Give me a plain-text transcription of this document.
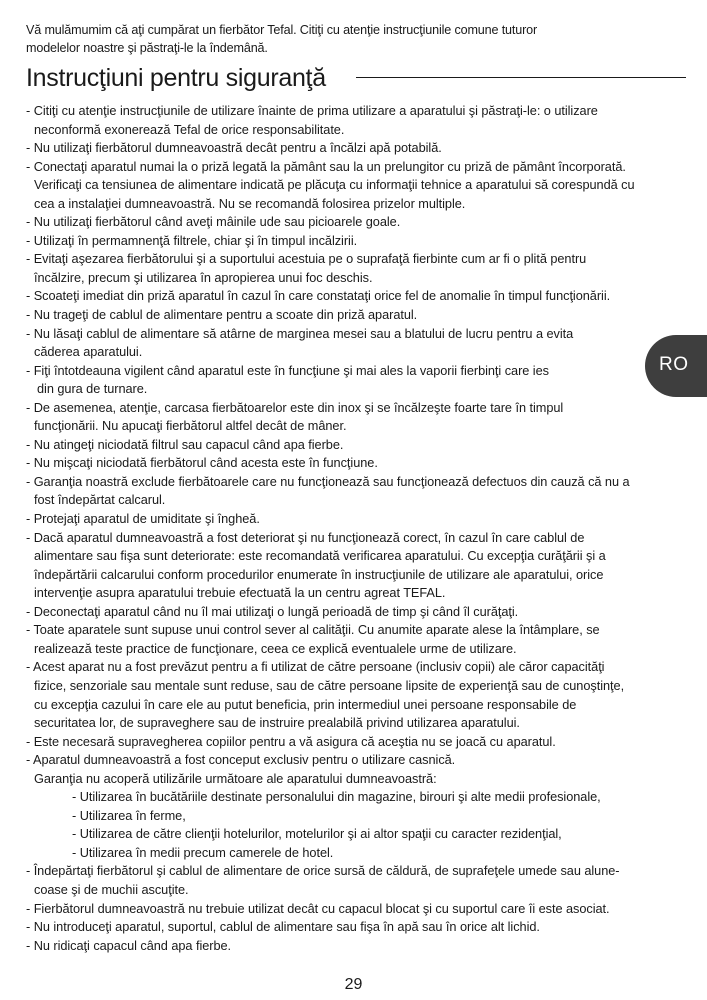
Vă mulămumim că aţi cumpărat un fierbător Tefal. Citiţi cu atenţie instrucţiunile comune tuturor
modelelor noastre şi păstraţi-le la îndemână.
Instrucţiuni pentru siguranţă
- Citiţi cu atenţie instrucţiunile de utilizare înainte de prima utilizare a aparatului şi păstraţi-le: o utilizare
neconformă exonerează Tefal de orice responsabilitate.
- Nu utilizaţi fierbătorul dumneavoastră decât pentru a încălzi apă potabilă.
- Conectaţi aparatul numai la o priză legată la pământ sau la un prelungitor cu priză de pământ încorporată.
Verificaţi ca tensiunea de alimentare indicată pe plăcuţa cu informaţii tehnice a aparatului să corespundă cu
cea a instalaţiei dumneavoastră. Nu se recomandă folosirea prizelor multiple.
- Nu utilizaţi fierbătorul când aveţi mâinile ude sau picioarele goale.
- Utilizaţi în permamnenţă filtrele, chiar şi în timpul incălzirii.
- Evitaţi aşezarea fierbătorului şi a suportului acestuia pe o suprafaţă fierbinte cum ar fi o plită pentru
încălzire, precum şi utilizarea în apropierea unui foc deschis.
- Scoateţi imediat din priză aparatul în cazul în care constataţi orice fel de anomalie în timpul funcţionării.
- Nu trageţi de cablul de alimentare pentru a scoate din priză aparatul.
- Nu lăsaţi cablul de alimentare să atârne de marginea mesei sau a blatului de lucru pentru a evita
căderea aparatului.
- Fiţi întotdeauna vigilent când aparatul este în funcţiune şi mai ales la vaporii fierbinţi care ies
din gura de turnare.
- De asemenea, atenţie, carcasa fierbătoarelor este din inox şi se încălzeşte foarte tare în timpul
funcţionării. Nu apucaţi fierbătorul altfel decât de mâner.
- Nu atingeţi niciodată filtrul sau capacul când apa fierbe.
- Nu mişcaţi niciodată fierbătorul când acesta este în funcţiune.
- Garanţia noastră exclude fierbătoarele care nu funcţionează sau funcţionează defectuos din cauză că nu a
fost îndepărtat calcarul.
- Protejaţi aparatul de umiditate şi îngheă.
- Dacă aparatul dumneavoastră a fost deteriorat şi nu funcţionează corect, în cazul în care cablul de
alimentare sau fişa sunt deteriorate: este recomandată verificarea aparatului. Cu excepţia curăţării şi a
îndepărtării calcarului conform procedurilor enumerate în instrucţiunile de utilizare ale aparatului, orice
intervenţie asupra aparatului trebuie efectuată la un centru agreat TEFAL.
- Deconectaţi aparatul când nu îl mai utilizaţi o lungă perioadă de timp şi când îl curăţaţi.
- Toate aparatele sunt supuse unui control sever al calităţii. Cu anumite aparate alese la întâmplare, se
realizează teste practice de funcţionare, ceea ce explică eventualele urme de utilizare.
- Acest aparat nu a fost prevăzut pentru a fi utilizat de către persoane (inclusiv copii) ale căror capacităţi
fizice, senzoriale sau mentale sunt reduse, sau de către persoane lipsite de experienţă sau de cunoştinţe,
cu excepţia cazului în care ele au putut beneficia, prin intermediul unei persoane responsabile de
securitatea lor, de supraveghere sau de instruire prealabilă privind utilizarea aparatului.
- Este necesară supravegherea copiilor pentru a vă asigura că aceştia nu se joacă cu aparatul.
- Aparatul dumneavoastră a fost conceput exclusiv pentru o utilizare casnică.
Garanţia nu acoperă utilizările următoare ale aparatului dumneavoastră:
- Utilizarea în bucătăriile destinate personalului din magazine, birouri şi alte medii profesionale,
- Utilizarea în ferme,
- Utilizarea de către clienţii hotelurilor, motelurilor şi ai altor spaţii cu caracter rezidenţial,
- Utilizarea în medii precum camerele de hotel.
- Îndepărtaţi fierbătorul şi cablul de alimentare de orice sursă de căldură, de suprafeţele umede sau alune-
coase şi de muchii ascuţite.
- Fierbătorul dumneavoastră nu trebuie utilizat decât cu capacul blocat şi cu suportul care îi este asociat.
- Nu introduceţi aparatul, suportul, cablul de alimentare sau fişa în apă sau în orice alt lichid.
- Nu ridicaţi capacul când apa fierbe.
RO
29
